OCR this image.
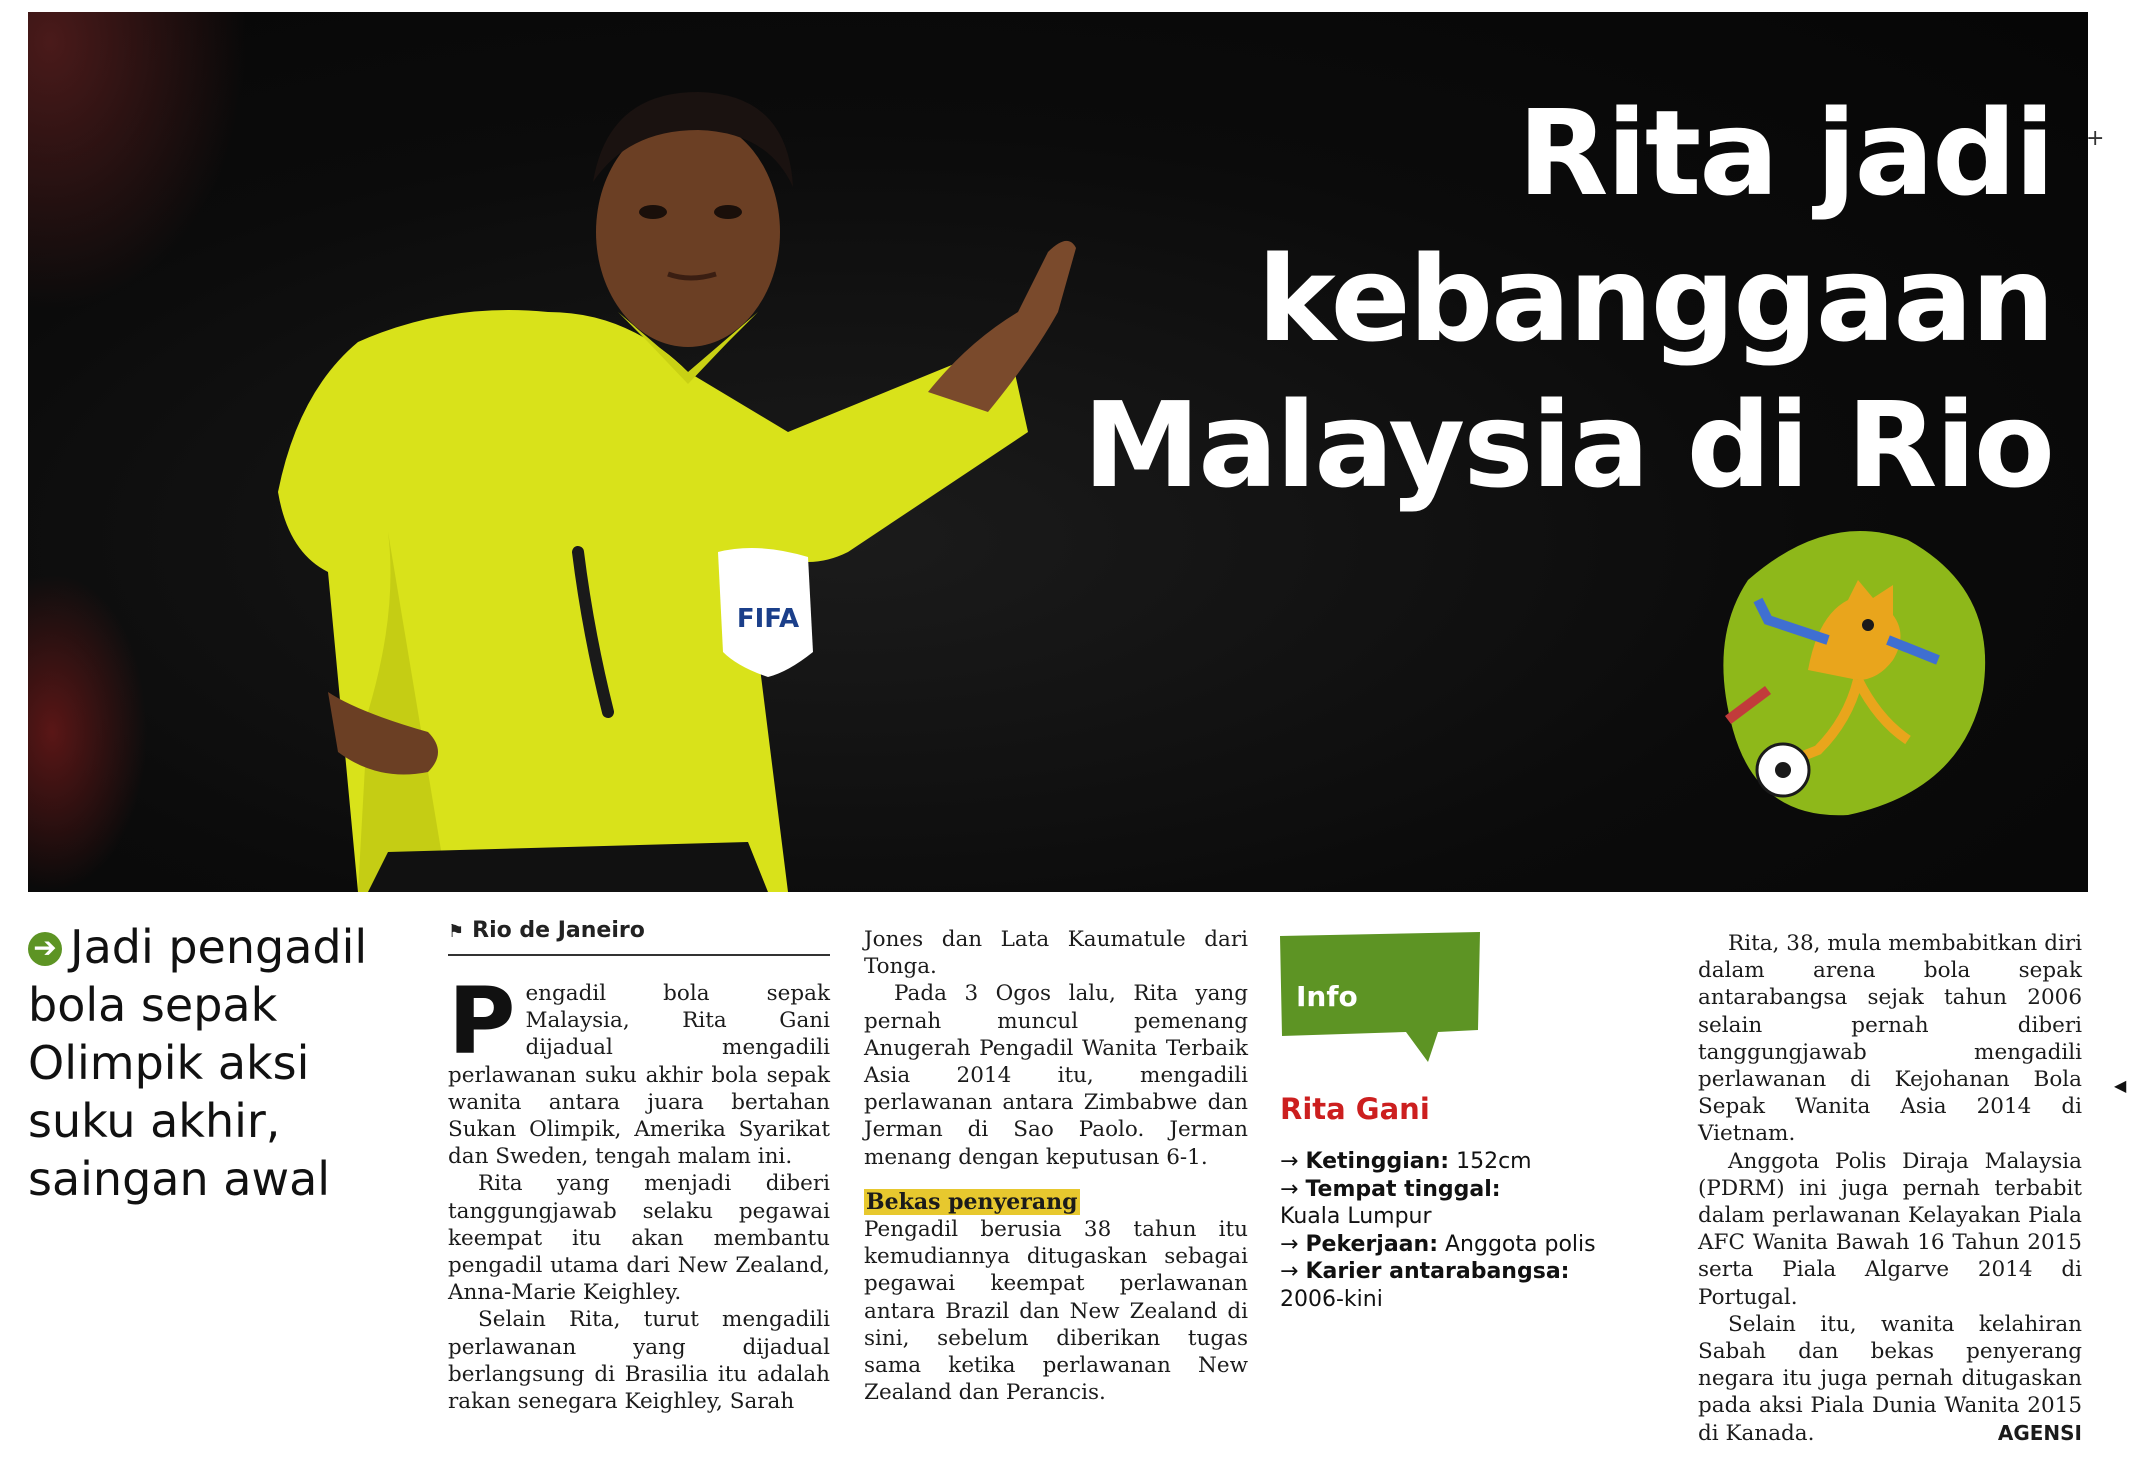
FIFA
Rita jadi kebanggaan
Malaysia di Rio
+
◀
➔ Jadi pengadil bola sepak Olimpik aksi suku akhir, saingan awal
⚑ Rio de Janeiro

Pengadil bola sepak Malaysia, Rita Gani dijadual mengadili perlawanan suku akhir bola sepak wanita antara juara bertahan Sukan Olimpik, Amerika Syarikat dan Sweden, tengah malam ini.

Rita yang menjadi diberi tanggungjawab selaku pegawai keempat itu akan membantu pengadil utama dari New Zealand, Anna-Marie Keighley.

Selain Rita, turut mengadili perlawanan yang dijadual berlangsung di Brasilia itu adalah rakan senegara Keighley, Sarah

Jones dan Lata Kaumatule dari Tonga.

Pada 3 Ogos lalu, Rita yang pernah muncul pemenang Anugerah Pengadil Wanita Terbaik Asia 2014 itu, mengadili perlawanan antara Zimbabwe dan Jerman di Sao Paolo. Jerman menang dengan keputusan 6-1.

Bekas penyerang

Pengadil berusia 38 tahun itu kemudiannya ditugaskan sebagai pegawai keempat perlawanan antara Brazil dan New Zealand di sini, sebelum diberikan tugas sama ketika perlawanan New Zealand dan Perancis.

Info
Rita Gani
→ Ketinggian: 152cm
→ Tempat tinggal:
Kuala Lumpur
→ Pekerjaan: Anggota polis
→ Karier antarabangsa: 2006-kini

Rita, 38, mula membabitkan diri dalam arena bola sepak antarabangsa sejak tahun 2006 selain pernah diberi tanggungjawab mengadili perlawanan di Kejohanan Bola Sepak Wanita Asia 2014 di Vietnam.

Anggota Polis Diraja Malaysia (PDRM) ini juga pernah terbabit dalam perlawanan Kelayakan Piala AFC Wanita Bawah 16 Tahun 2015 serta Piala Algarve 2014 di Portugal.

Selain itu, wanita kelahiran Sabah dan bekas penyerang negara itu juga pernah ditugaskan pada aksi Piala Dunia Wanita 2015 di Kanada.	AGENSI
